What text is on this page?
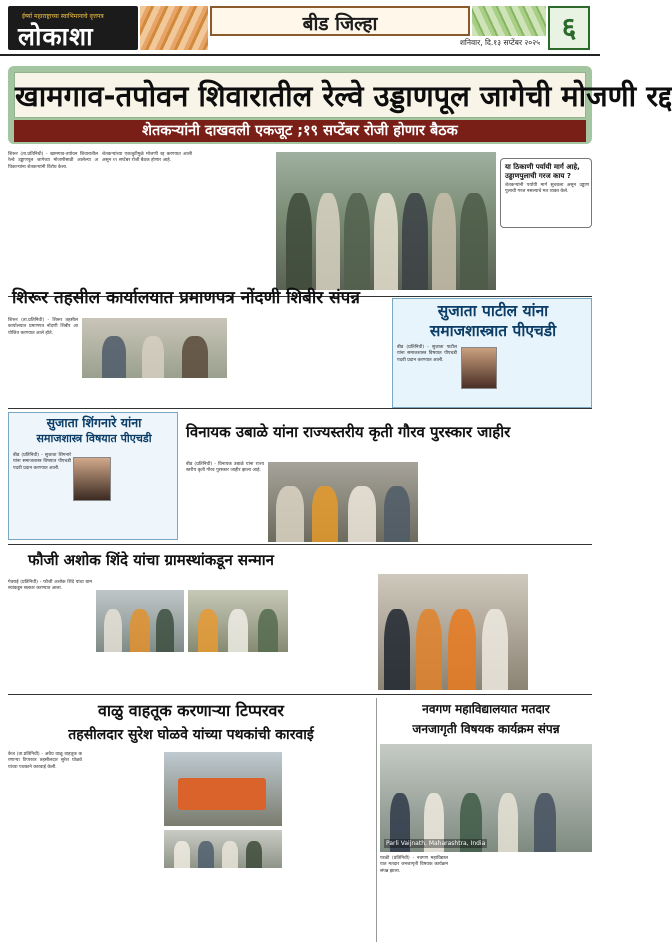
ईर्ष्या महाराष्ट्राच्या स्वाभिमानाचे वृत्तपत्र
लोकाशा	बीड जिल्हा
शनिवार, दि.१३ सप्टेंबर २०२५ ६
खामगाव-तपोवन शिवारातील रेल्वे उड्डाणपूल जागेची मोजणी रद्द
शेतकऱ्यांनी दाखवली एकजूट ;१९ सप्टेंबर रोजी होणार बैठक
शिरूर (ता.प्रतिनिधी) - खामगाव-तपोवन शिवारातील रेल्वे उड्डाणपूल जागेच्या मोजणीसाठी आलेल्या अधिकाऱ्यांना शेतकऱ्यांनी विरोध केला.
शेतकऱ्यांच्या एकजुटीमुळे मोजणी रद्द करण्यात आली असून १९ सप्टेंबर रोजी बैठक होणार आहे.
या ठिकाणी पर्यायी मार्ग आहे, उड्डाणपुलाची गरज काय ?
शेतकऱ्यांनी पर्यायी मार्ग सुचवला असून उड्डाणपुलाची गरज नसल्याचे मत व्यक्त केले.
शिरूर तहसील कार्यालयात प्रमाणपत्र नोंदणी शिबीर संपन्न
शिरूर (ता.प्रतिनिधी) - शिरूर तहसील कार्यालयात प्रमाणपत्र नोंदणी शिबीर आयोजित करण्यात आले होते.
सुजाता पाटील यांना
समाजशास्त्रात पीएचडी
बीड (प्रतिनिधी) - सुजाता पाटील यांना समाजशास्त्र विषयात पीएचडी पदवी प्रदान करण्यात आली.
सुजाता शिंगनारे यांना
समाजशास्त्र विषयात पीएचडी
बीड (प्रतिनिधी) - सुजाता शिंगनारे यांना समाजशास्त्र विषयात पीएचडी पदवी प्रदान करण्यात आली.
विनायक उबाळे यांना राज्यस्तरीय कृती गौरव पुरस्कार जाहीर
बीड (प्रतिनिधी) - विनायक उबाळे यांना राज्यस्तरीय कृती गौरव पुरस्कार जाहीर झाला आहे.
फौजी अशोक शिंदे यांचा ग्रामस्थांकडून सन्मान
गेवराई (प्रतिनिधी) - फौजी अशोक शिंदे यांचा ग्रामस्थांकडून सत्कार करण्यात आला.
वाळु वाहतूक करणाऱ्या टिप्परवर
तहसीलदार सुरेश घोळवे यांच्या पथकांची कारवाई
केज (ता.प्रतिनिधी) - अवैध वाळू वाहतूक करणाऱ्या टिप्परवर तहसीलदार सुरेश घोळवे यांच्या पथकाने कारवाई केली.
नवगण महाविद्यालयात मतदार
जनजागृती विषयक कार्यक्रम संपन्न
Parli Vaijnath, Maharashtra, India
परळी (प्रतिनिधी) - नवगण महाविद्यालयात मतदार जनजागृती विषयक कार्यक्रम संपन्न झाला.
